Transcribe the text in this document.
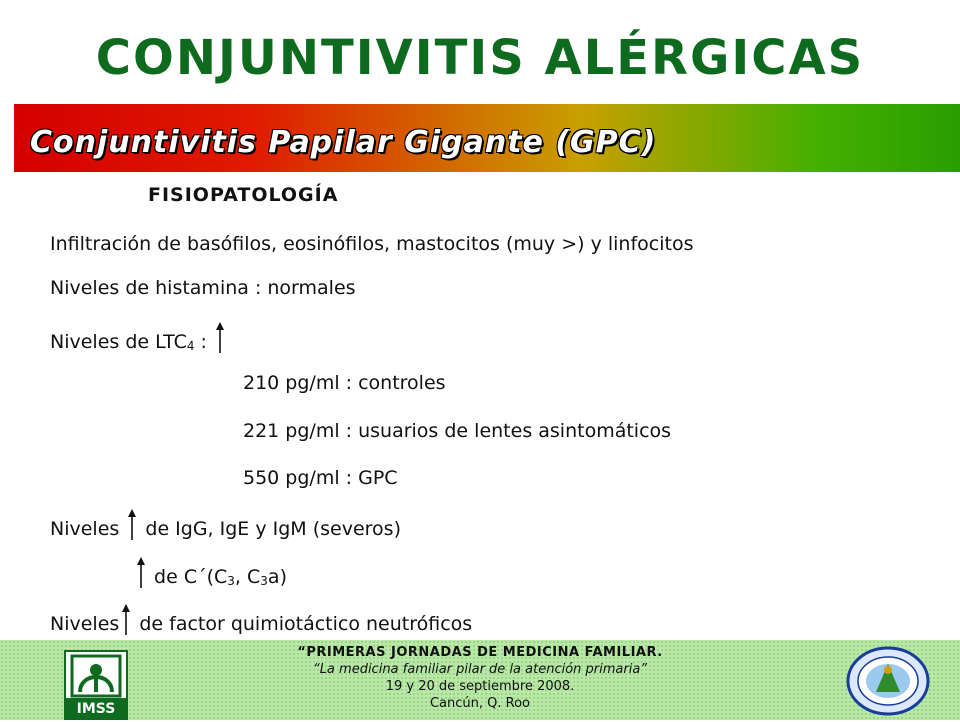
CONJUNTIVITIS ALÉRGICAS
Conjuntivitis Papilar Gigante (GPC)
FISIOPATOLOGÍA
Infiltración de basófilos, eosinófilos, mastocitos (muy >) y linfocitos
Niveles de histamina : normales
Niveles de LTC4 :
210 pg/ml : controles
221 pg/ml : usuarios de lentes asintomáticos
550 pg/ml : GPC
Niveles  de IgG, IgE y IgM (severos)
de C´(C3, C3a)
Niveles de factor quimiotáctico neutróficos
IMSS
“PRIMERAS JORNADAS DE MEDICINA FAMILIAR.
“La medicina familiar pilar de la atención primaria”
19 y 20 de septiembre 2008.
Cancún, Q. Roo
